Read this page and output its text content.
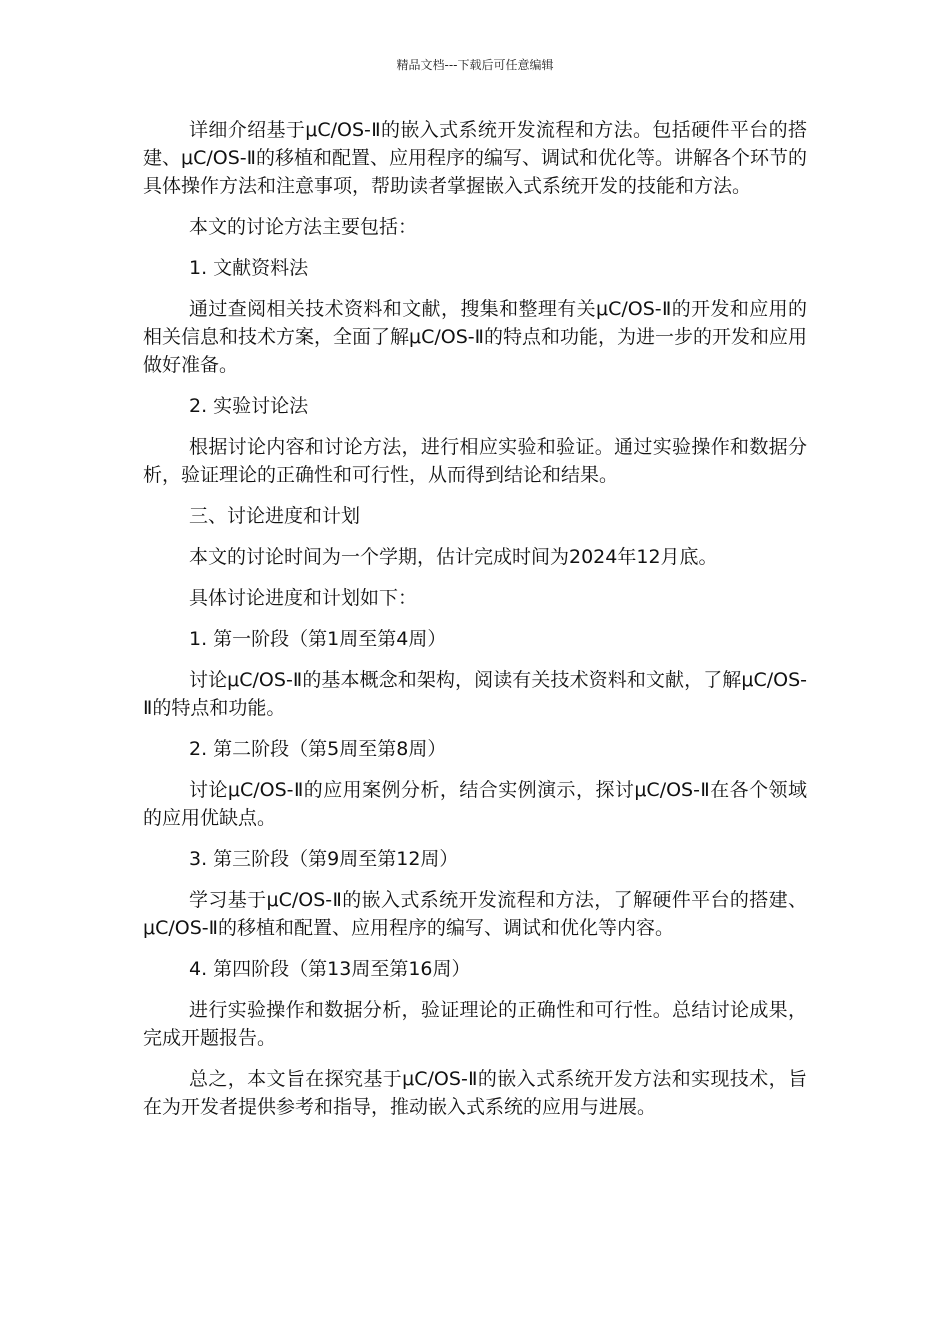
精品文档---下载后可任意编辑

详细介绍基于μC/OS-Ⅱ的嵌入式系统开发流程和方法。包括硬件平台的搭建、μC/OS-Ⅱ的移植和配置、应用程序的编写、调试和优化等。讲解各个环节的具体操作方法和注意事项，帮助读者掌握嵌入式系统开发的技能和方法。

本文的讨论方法主要包括：

1. 文献资料法

通过查阅相关技术资料和文献，搜集和整理有关μC/OS-Ⅱ的开发和应用的相关信息和技术方案，全面了解μC/OS-Ⅱ的特点和功能，为进一步的开发和应用做好准备。

2. 实验讨论法

根据讨论内容和讨论方法，进行相应实验和验证。通过实验操作和数据分析，验证理论的正确性和可行性，从而得到结论和结果。

三、讨论进度和计划

本文的讨论时间为一个学期，估计完成时间为2024年12月底。

具体讨论进度和计划如下：

1. 第一阶段（第1周至第4周）

讨论μC/OS-Ⅱ的基本概念和架构，阅读有关技术资料和文献，了解μC/OS-Ⅱ的特点和功能。

2. 第二阶段（第5周至第8周）

讨论μC/OS-Ⅱ的应用案例分析，结合实例演示，探讨μC/OS-Ⅱ在各个领域的应用优缺点。

3. 第三阶段（第9周至第12周）

学习基于μC/OS-Ⅱ的嵌入式系统开发流程和方法，了解硬件平台的搭建、μC/OS-Ⅱ的移植和配置、应用程序的编写、调试和优化等内容。

4. 第四阶段（第13周至第16周）

进行实验操作和数据分析，验证理论的正确性和可行性。总结讨论成果，完成开题报告。

总之，本文旨在探究基于μC/OS-Ⅱ的嵌入式系统开发方法和实现技术，旨在为开发者提供参考和指导，推动嵌入式系统的应用与进展。
